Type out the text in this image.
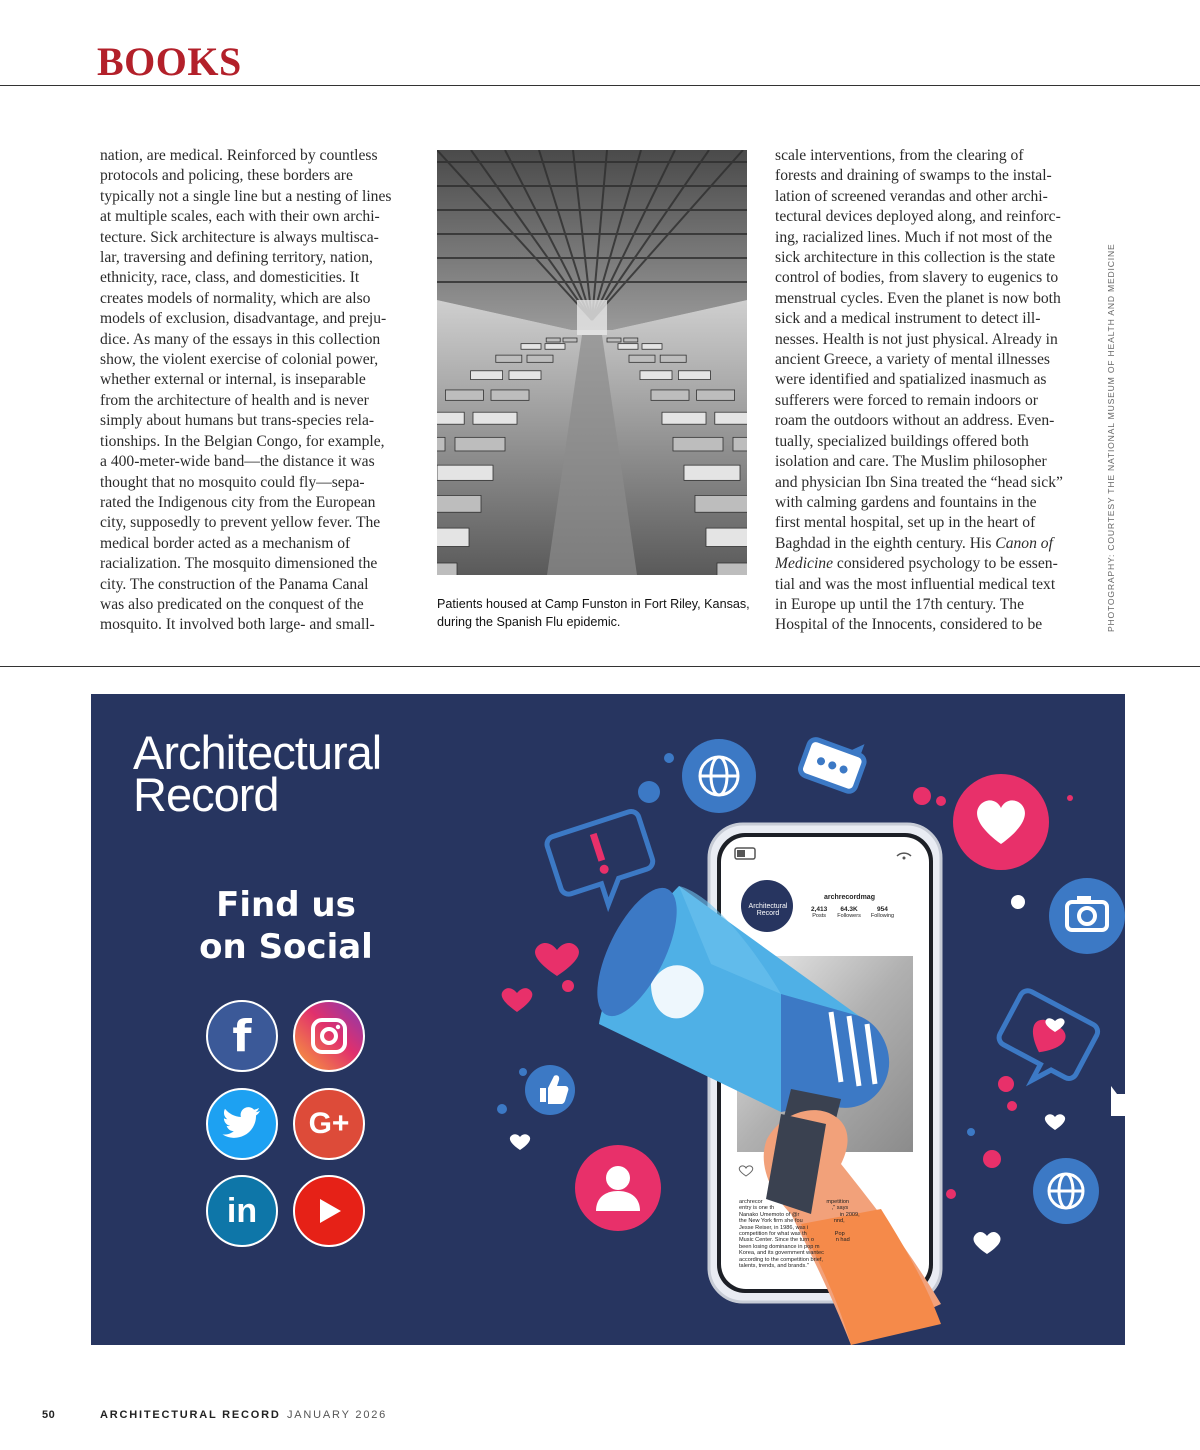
BOOKS
nation, are medical. Reinforced by countless
protocols and policing, these borders are
typically not a single line but a nesting of lines
at multiple scales, each with their own archi-
tecture. Sick architecture is always multisca-
lar, traversing and defining territory, nation,
ethnicity, race, class, and domesticities. It
creates models of normality, which are also
models of exclusion, disadvantage, and preju-
dice. As many of the essays in this collection
show, the violent exercise of colonial power,
whether external or internal, is inseparable
from the architecture of health and is never
simply about humans but trans-species rela-
tionships. In the Belgian Congo, for example,
a 400-meter-wide band—the distance it was
thought that no mosquito could fly—sepa-
rated the Indigenous city from the European
city, supposedly to prevent yellow fever. The
medical border acted as a mechanism of
racialization. The mosquito dimensioned the
city. The construction of the Panama Canal
was also predicated on the conquest of the
mosquito. It involved both large- and small-
Patients housed at Camp Funston in Fort Riley, Kansas, during the Spanish Flu epidemic.
scale interventions, from the clearing of
forests and draining of swamps to the instal-
lation of screened verandas and other archi-
tectural devices deployed along, and reinforc-
ing, racialized lines. Much if not most of the
sick architecture in this collection is the state
control of bodies, from slavery to eugenics to
menstrual cycles. Even the planet is now both
sick and a medical instrument to detect ill-
nesses. Health is not just physical. Already in
ancient Greece, a variety of mental illnesses
were identified and spatialized inasmuch as
sufferers were forced to remain indoors or
roam the outdoors without an address. Even-
tually, specialized buildings offered both
isolation and care. The Muslim philosopher
and physician Ibn Sina treated the “head sick”
with calming gardens and fountains in the
first mental hospital, set up in the heart of
Baghdad in the eighth century. His Canon of
Medicine considered psychology to be essen-
tial and was the most influential medical text
in Europe up until the 17th century. The
Hospital of the Innocents, considered to be	PHOTOGRAPHY: COURTESY THE NATIONAL MUSEUM OF HEALTH AND MEDICINE
Architectural
Record
Find us
on Social
f
G+
in
Architectural
Record
archrecordmag
2,413
Posts
64.3K
Followers
954
Following
archrecor                                         mpetition
entry is one th                                     ," says
Nanako Umemoto of @r                          in 2009,
the New York firm she fou                    nnd,
Jesse Reiser, in 1986, was i
competition for what was th                  Pop
Music Center. Since the turn o              n had
been losing dominance in pop m
Korea, and its government wantec
according to the competition brief,
talents, trends, and brands."
50	ARCHITECTURAL RECORD JANUARY 2026
